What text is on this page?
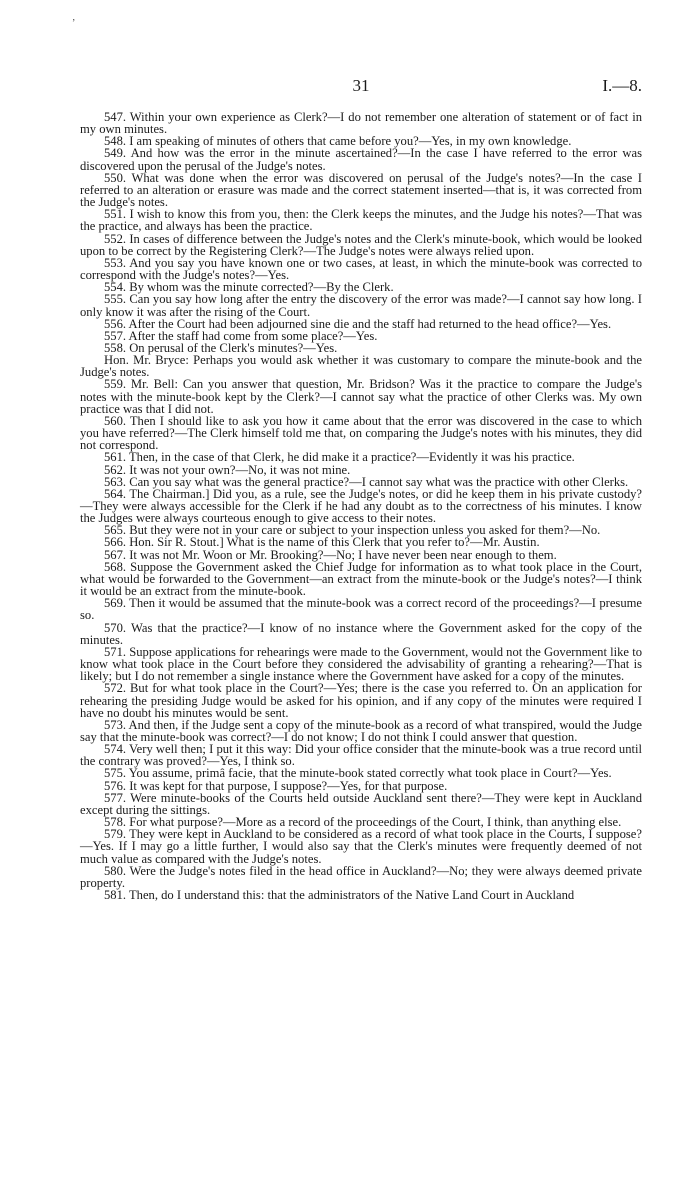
’
31	I.—8.

547. Within your own experience as Clerk?—I do not remember one alteration of statement or of fact in my own minutes.

548. I am speaking of minutes of others that came before you?—Yes, in my own knowledge.

549. And how was the error in the minute ascertained?—In the case I have referred to the error was discovered upon the perusal of the Judge's notes.

550. What was done when the error was discovered on perusal of the Judge's notes?—In the case I referred to an alteration or erasure was made and the correct statement inserted—that is, it was corrected from the Judge's notes.

551. I wish to know this from you, then: the Clerk keeps the minutes, and the Judge his notes?—That was the practice, and always has been the practice.

552. In cases of difference between the Judge's notes and the Clerk's minute-book, which would be looked upon to be correct by the Registering Clerk?—The Judge's notes were always relied upon.

553. And you say you have known one or two cases, at least, in which the minute-book was corrected to correspond with the Judge's notes?—Yes.

554. By whom was the minute corrected?—By the Clerk.

555. Can you say how long after the entry the discovery of the error was made?—I cannot say how long. I only know it was after the rising of the Court.

556. After the Court had been adjourned sine die and the staff had returned to the head office?—Yes.

557. After the staff had come from some place?—Yes.

558. On perusal of the Clerk's minutes?—Yes.

Hon. Mr. Bryce: Perhaps you would ask whether it was customary to compare the minute-book and the Judge's notes.

559. Mr. Bell: Can you answer that question, Mr. Bridson? Was it the practice to compare the Judge's notes with the minute-book kept by the Clerk?—I cannot say what the practice of other Clerks was. My own practice was that I did not.

560. Then I should like to ask you how it came about that the error was discovered in the case to which you have referred?—The Clerk himself told me that, on comparing the Judge's notes with his minutes, they did not correspond.

561. Then, in the case of that Clerk, he did make it a practice?—Evidently it was his practice.

562. It was not your own?—No, it was not mine.

563. Can you say what was the general practice?—I cannot say what was the practice with other Clerks.

564. The Chairman.] Did you, as a rule, see the Judge's notes, or did he keep them in his private custody?—They were always accessible for the Clerk if he had any doubt as to the correctness of his minutes. I know the Judges were always courteous enough to give access to their notes.

565. But they were not in your care or subject to your inspection unless you asked for them?—No.

566. Hon. Sir R. Stout.] What is the name of this Clerk that you refer to?—Mr. Austin.

567. It was not Mr. Woon or Mr. Brooking?—No; I have never been near enough to them.

568. Suppose the Government asked the Chief Judge for information as to what took place in the Court, what would be forwarded to the Government—an extract from the minute-book or the Judge's notes?—I think it would be an extract from the minute-book.

569. Then it would be assumed that the minute-book was a correct record of the proceedings?—I presume so.

570. Was that the practice?—I know of no instance where the Government asked for the copy of the minutes.

571. Suppose applications for rehearings were made to the Government, would not the Government like to know what took place in the Court before they considered the advisability of granting a rehearing?—That is likely; but I do not remember a single instance where the Government have asked for a copy of the minutes.

572. But for what took place in the Court?—Yes; there is the case you referred to. On an application for rehearing the presiding Judge would be asked for his opinion, and if any copy of the minutes were required I have no doubt his minutes would be sent.

573. And then, if the Judge sent a copy of the minute-book as a record of what transpired, would the Judge say that the minute-book was correct?—I do not know; I do not think I could answer that question.

574. Very well then; I put it this way: Did your office consider that the minute-book was a true record until the contrary was proved?—Yes, I think so.

575. You assume, primâ facie, that the minute-book stated correctly what took place in Court?—Yes.

576. It was kept for that purpose, I suppose?—Yes, for that purpose.

577. Were minute-books of the Courts held outside Auckland sent there?—They were kept in Auckland except during the sittings.

578. For what purpose?—More as a record of the proceedings of the Court, I think, than anything else.

579. They were kept in Auckland to be considered as a record of what took place in the Courts, I suppose?—Yes. If I may go a little further, I would also say that the Clerk's minutes were frequently deemed of not much value as compared with the Judge's notes.

580. Were the Judge's notes filed in the head office in Auckland?—No; they were always deemed private property.

581. Then, do I understand this: that the administrators of the Native Land Court in Auckland
